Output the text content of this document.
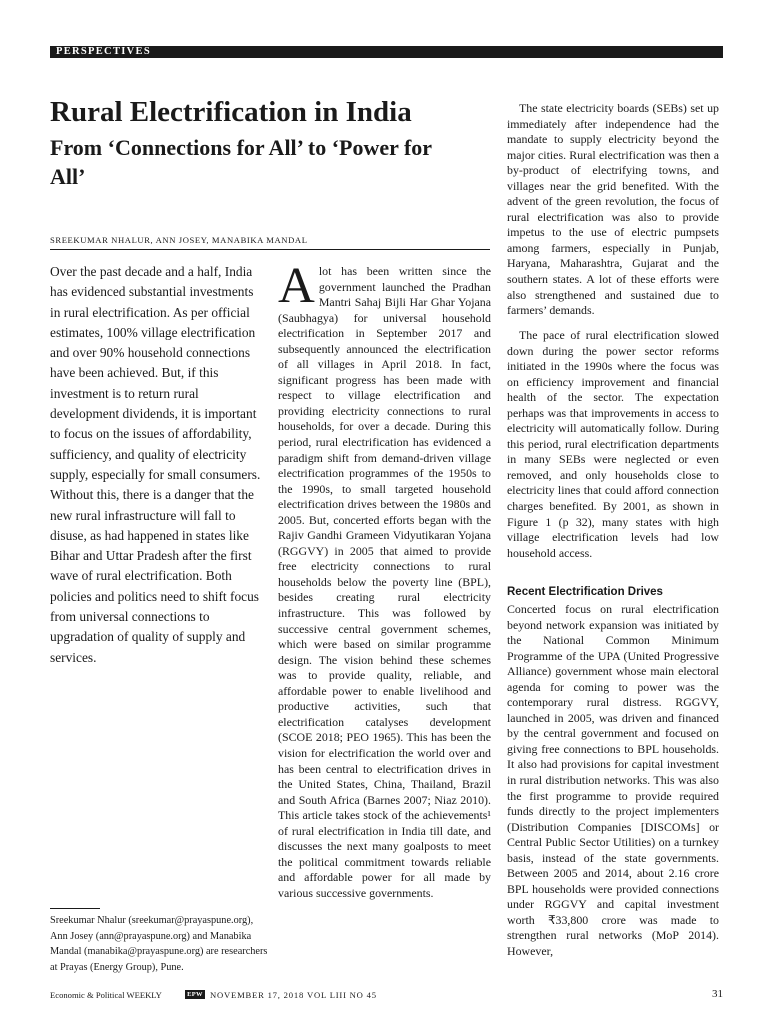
PERSPECTIVES
Rural Electrification in India
From ‘Connections for All’ to ‘Power for All’
SREEKUMAR NHALUR, ANN JOSEY, MANABIKA MANDAL

Over the past decade and a half, India has evidenced substantial investments in rural electrification. As per official estimates, 100% village electrification and over 90% household connections have been achieved. But, if this investment is to return rural development dividends, it is important to focus on the issues of affordability, sufficiency, and quality of electricity supply, especially for small consumers. Without this, there is a danger that the new rural infrastructure will fall to disuse, as had happened in states like Bihar and Uttar Pradesh after the first wave of rural electrification. Both policies and politics need to shift focus from universal connections to upgradation of quality of supply and services.

Alot has been written since the government launched the Pradhan Mantri Sahaj Bijli Har Ghar Yojana (Saubhagya) for universal household electrification in September 2017 and subsequently announced the electrification of all villages in April 2018. In fact, significant progress has been made with respect to village electrification and providing electricity connections to rural households, for over a decade. During this period, rural electrification has evidenced a paradigm shift from demand-driven village electrification programmes of the 1950s to the 1990s, to small targeted household electrification drives between the 1980s and 2005. But, concerted efforts began with the Rajiv Gandhi Grameen Vidyutikaran Yojana (RGGVY) in 2005 that aimed to provide free electricity connections to rural households below the poverty line (BPL), besides creating rural electricity infrastructure. This was followed by successive central government schemes, which were based on similar programme design. The vision behind these schemes was to provide quality, reliable, and affordable power to enable livelihood and productive activities, such that electrification catalyses development (SCOE 2018; PEO 1965). This has been the vision for electrification the world over and has been central to electrification drives in the United States, China, Thailand, Brazil and South Africa (Barnes 2007; Niaz 2010). This article takes stock of the achievements¹ of rural electrification in India till date, and discusses the next many goalposts to meet the political commitment towards reliable and affordable power for all made by various successive governments.

The state electricity boards (SEBs) set up immediately after independence had the mandate to supply electricity beyond the major cities. Rural electrification was then a by-product of electrifying towns, and villages near the grid benefited. With the advent of the green revolution, the focus of rural electrification was also to provide impetus to the use of electric pumpsets among farmers, especially in Punjab, Haryana, Maharashtra, Gujarat and the southern states. A lot of these efforts were also strengthened and sustained due to farmers’ demands.

The pace of rural electrification slowed down during the power sector reforms initiated in the 1990s where the focus was on efficiency improvement and financial health of the sector. The expectation perhaps was that improvements in access to electricity will automatically follow. During this period, rural electrification departments in many SEBs were neglected or even removed, and only households close to electricity lines that could afford connection charges benefited. By 2001, as shown in Figure 1 (p 32), many states with high village electrification levels had low household access.

Recent Electrification Drives

Concerted focus on rural electrification beyond network expansion was initiated by the National Common Minimum Programme of the UPA (United Progressive Alliance) government whose main electoral agenda for coming to power was the contemporary rural distress. RGGVY, launched in 2005, was driven and financed by the central government and focused on giving free connections to BPL households. It also had provisions for capital investment in rural distribution networks. This was also the first programme to provide required funds directly to the project implementers (Distribution Companies [DISCOMs] or Central Public Sector Utilities) on a turnkey basis, instead of the state governments. Between 2005 and 2014, about 2.16 crore BPL households were provided connections under RGGVY and capital investment worth ₹33,800 crore was made to strengthen rural networks (MoP 2014). However,

Sreekumar Nhalur (sreekumar@prayaspune.org), Ann Josey (ann@prayaspune.org) and Manabika Mandal (manabika@prayaspune.org) are researchers at Prayas (Energy Group), Pune.

Economic & Political WEEKLY	EPW NOVEMBER 17, 2018 VOL LIII NO 45	31
